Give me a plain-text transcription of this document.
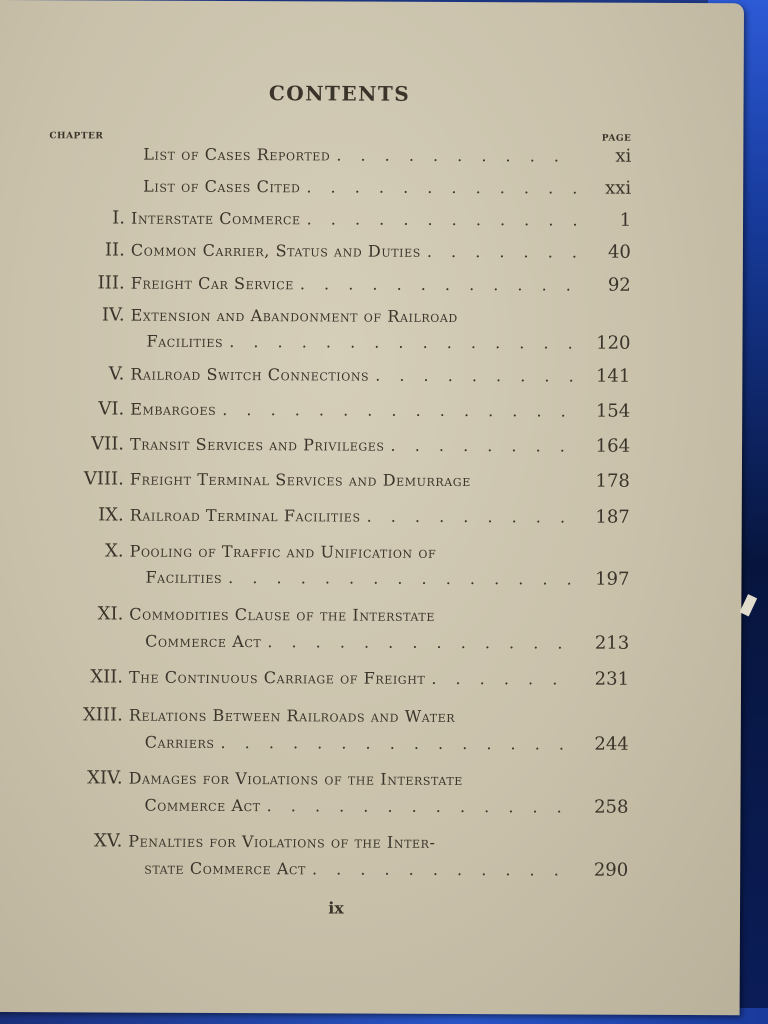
CONTENTS
CHAPTER	PAGE
List of Cases Reported . . .	xi
List of Cases Cited . . .	xxi
I. Interstate Commerce . . .	1
II. Common Carrier, Status and Duties . . .	40
III. Freight Car Service . . .	92
IV. Extension and Abandonment of Railroad
Facilities . . .	120
V. Railroad Switch Connections . . .	141
VI. Embargoes . . .	154
VII. Transit Services and Privileges . . .	164
VIII. Freight Terminal Services and Demurrage	178
IX. Railroad Terminal Facilities . . .	187
X. Pooling of Traffic and Unification of
Facilities . . .	197
XI. Commodities Clause of the Interstate
Commerce Act . . .	213
XII. The Continuous Carriage of Freight . . .	231
XIII. Relations Between Railroads and Water
Carriers . . .	244
XIV. Damages for Violations of the Interstate
Commerce Act . . .	258
XV. Penalties for Violations of the Inter-
state Commerce Act . . .	290
ix
